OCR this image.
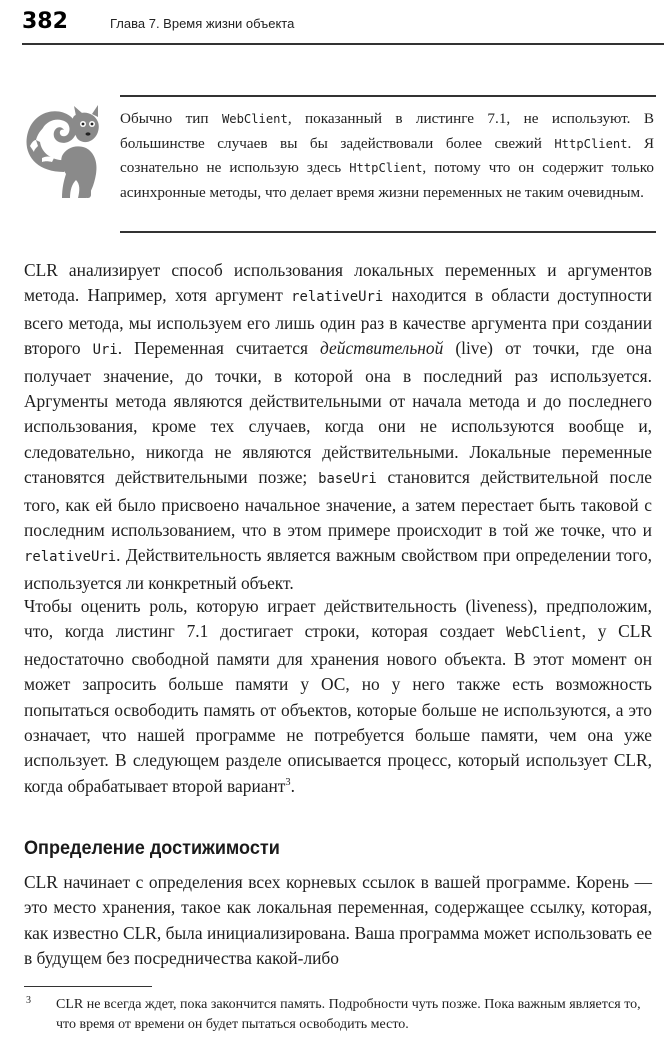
382	Глава 7. Время жизни объекта
Обычно тип WebClient, показанный в листинге 7.1, не используют. В большинстве случаев вы бы задействовали более свежий HttpClient. Я сознательно не использую здесь HttpClient, потому что он содержит только асинхронные методы, что делает время жизни переменных не таким очевидным.

CLR анализирует способ использования локальных переменных и аргументов метода. Например, хотя аргумент relativeUri находится в области доступности всего метода, мы используем его лишь один раз в качестве аргумента при создании второго Uri. Переменная считается действительной (live) от точки, где она получает значение, до точки, в которой она в последний раз используется. Аргументы метода являются действительными от начала метода и до последнего использования, кроме тех случаев, когда они не используются вообще и, следовательно, никогда не являются действительными. Локальные переменные становятся действительными позже; baseUri становится действительной после того, как ей было присвоено начальное значение, а затем перестает быть таковой с последним использованием, что в этом примере происходит в той же точке, что и relativeUri. Действительность является важным свойством при определении того, используется ли конкретный объект.

Чтобы оценить роль, которую играет действительность (liveness), предположим, что, когда листинг 7.1 достигает строки, которая создает WebClient, у CLR недостаточно свободной памяти для хранения нового объекта. В этот момент он может запросить больше памяти у ОС, но у него также есть возможность попытаться освободить память от объектов, которые больше не используются, а это означает, что нашей программе не потребуется больше памяти, чем она уже использует. В следующем разделе описывается процесс, который использует CLR, когда обрабатывает второй вариант$^3$.

Определение достижимости

CLR начинает с определения всех корневых ссылок в вашей программе. Корень — это место хранения, такое как локальная переменная, содержащее ссылку, которая, как известно CLR, была инициализирована. Ваша программа может использовать ее в будущем без посредничества какой-либо

3 CLR не всегда ждет, пока закончится память. Подробности чуть позже. Пока важным является то, что время от времени он будет пытаться освободить место.
